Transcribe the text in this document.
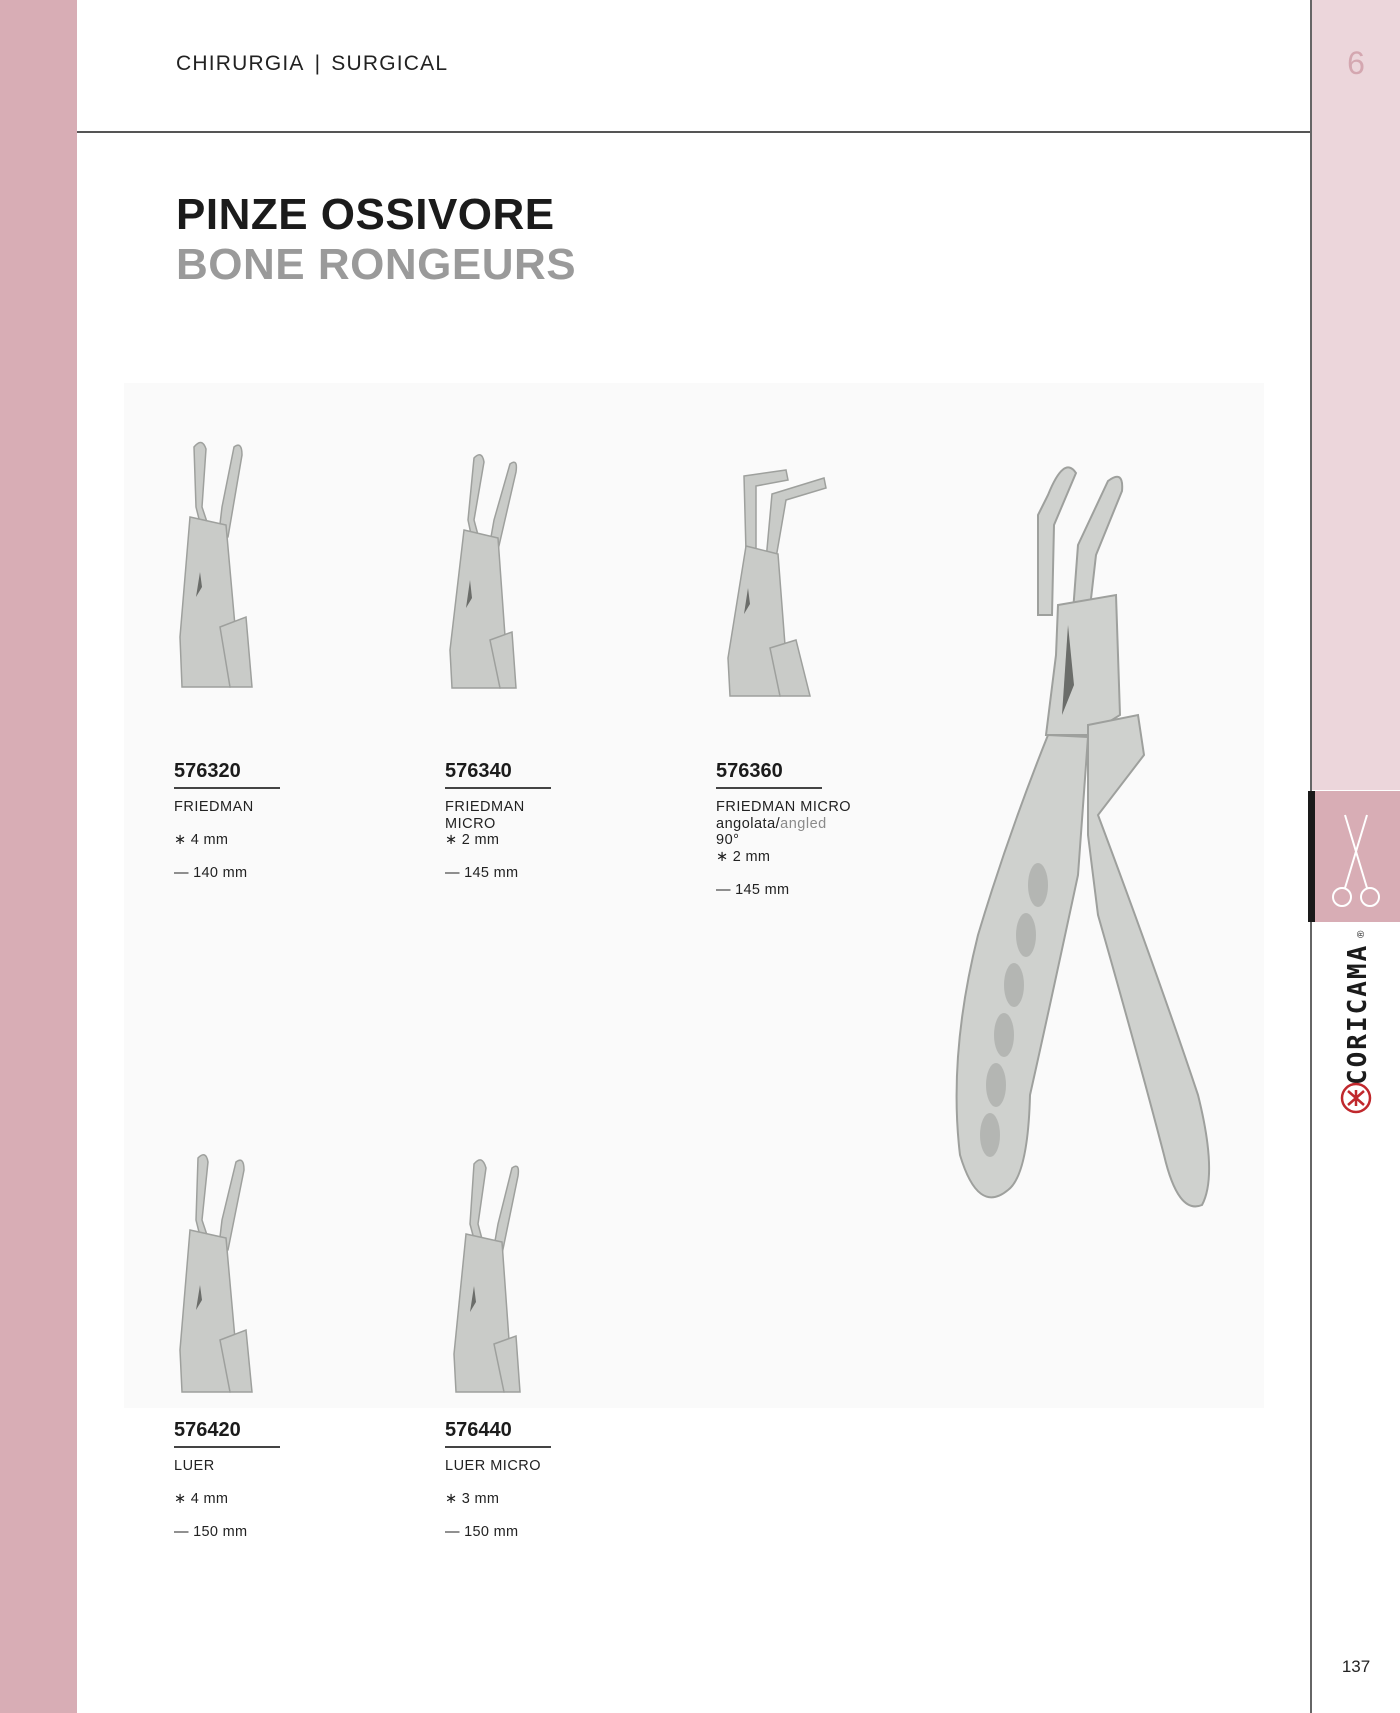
CHIRURGIA | SURGICAL	6
CORICAMA
®
PINZE OSSIVORE
BONE RONGEURS
576320
FRIEDMAN
∗ 4 mm
— 140 mm
576340
FRIEDMAN
MICRO
∗ 2 mm
— 145 mm
576360
FRIEDMAN MICRO
angolata/angled
90°
∗ 2 mm
— 145 mm
576420
LUER
∗ 4 mm
— 150 mm
576440
LUER MICRO
∗ 3 mm
— 150 mm
137
